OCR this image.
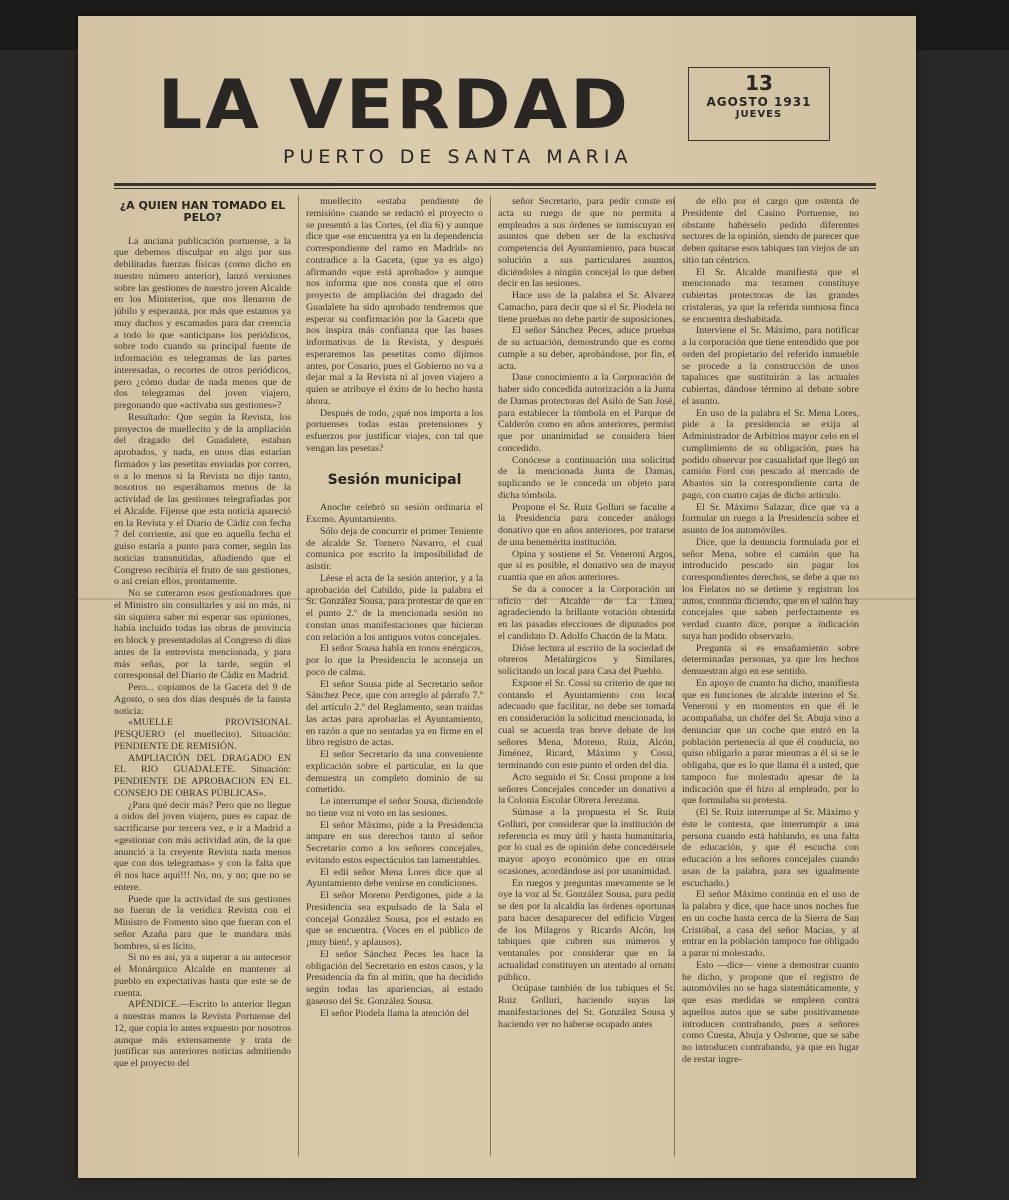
LA VERDAD
PUERTO DE SANTA MARIA
13
AGOSTO 1931
JUEVES
¿A QUIEN HAN TOMADO EL PELO?

La anciana publicación portuense, a la que debemos disculpar en algo por sus debilitadas fuerzas físicas (como dicho en nuestro número anterior), lanzó versiones sobre las gestiones de nuestro joven Alcalde en los Ministerios, que nos llenaron de júbilo y esperanza, por más que estamos ya muy duchos y escamados para dar creencia a todo lo que «anticipan» los periódicos, sobre todo cuando su principal fuente de información es telegramas de las partes interesadas, o recortes de otros periódicos, pero ¿cómo dudar de nada menos que de dos telegramas del joven viajero, pregonando que «activaba sus gestiones»?

Resultado: Que según la Revista, los proyectos de muellecito y de la ampliación del dragado del Guadalete, estaban aprobados, y nada, en unos días estarían firmados y las pesetitas enviadas por correo, o a lo menos si la Revista no dijo tanto, nosotros no esperábamos menos de la actividad de las gestiones telegrafiadas por el Alcalde. Fíjense que esta noticia apareció en la Revista y el Diario de Cádiz con fecha 7 del corriente, así que en aquella fecha el guiso estaría a punto para comer, según las noticias transmitidas, añadiendo que el Congreso recibiría el fruto de sus gestiones, o así creían ellos, prontamente.

No se cuteraron esos gestionadores que el Ministro sin consultarles y así no más, ni sin siquiera saber mi esperar sus opiniones, había incluido todas las obras de provincia en block y presentadolas al Congreso di días antes de la entrevista mencionada, y para más señas, por la tarde, según el corresponsal del Diario de Cádiz en Madrid.

Pero... copiamos de la Gaceta del 9 de Agosto, o sea dos días después de la fausta noticia:

«MUELLE PROVISIONAL PESQUERO (el muellecito). Situación: PENDIENTE DE REMISIÓN.

AMPLIACIÓN DEL DRAGADO EN EL RIO GUADALETE. Situación: PENDIENTE DE APROBACION EN EL CONSEJO DE OBRAS PÚBLICAS».

¿Para qué decir más? Pero que no llegue a oídos del joven viajero, pues es capaz de sacrificarse por tercera vez, e ir a Madrid a «gestionar con más actividad aún, de la que anunció a la creyente Revista nada menos que con dos telegramas» y con la falta que él nos hace aquí!!! No, no, y no; que no se entere.

Puede que la actividad de sus gestiones no fueran de la verídica Revista con el Ministro de Fomento sino que fueran con el señor Azaña para que le mandara más hombres, si es lícito.

Si no es así, ya a superar a su antecesor el Monárquico Alcalde en mantener al pueblo en expectativas hasta que este se de cuenta.

APÉNDICE.—Escrito lo anterior llegan a nuestras manos la Revista Portuense del 12, que copia lo antes expuesto por nosotros aunque más extensamente y trata de justificar sus anteriores noticias admitiendo que el proyecto del

muellecito «estaba pendiente de remisión» cuando se redactó el proyecto o se presentó a las Cortes, (el día 6) y aunque dice que «se encuentra ya en la dependencia correspondiente del ramo en Madrid» no contradice a la Gaceta, (que ya es algo) afirmando «que está aprobado» y aunque nos informa que nos consta que el otro proyecto de ampliación del dragado del Guadalete ha sido aprobado tendremos que esperar su confirmación por la Gaceta que nos inspira más confianza que las bases informativas de la Revista, y después esperaremos las pesetitas como dijimos antes, por Cosario, pues el Gobierno no va a dejar mal a la Revista ni al joven viajero a quien se atribuye el éxito de lo hecho hasta ahora.

Después de todo, ¿qué nos importa a los portuenses todas estas pretensiones y esfuerzos por justificar viajes, con tal que vengan las pesetas?

Sesión municipal

Anoche celebró su sesión ordinaria el Excmo. Ayuntamiento.

Sólo deja de concurrir el primer Teniente de alcalde Sr. Tornero Navarro, el cual comunica por escrito la imposibilidad de asistir.

Léese el acta de la sesión anterior, y a la aprobación del Cabildo, pide la palabra el Sr. González Sousa, para protestar de que en el punto 2.º de la mencionada sesión no constan unas manifestaciones que hicieran con relación a los antiguos votos concejales.

El señor Sousa habla en tonos enérgicos, por lo que la Presidencia le aconseja un poco de calma.

El señor Sousa pide al Secretario señor Sánchez Pece, que con arreglo al párrafo 7.º del artículo 2.º del Reglamento, sean traídas las actas para aprobarlas el Ayuntamiento, en razón a que no sentadas ya en firme en el libro registro de actas.

El señor Secretario da una conveniente explicación sobre el particular, en la que demuestra un completo dominio de su cometido.

Le interrumpe el señor Sousa, diciendole no tiene voz ni voto en las sesiones.

El señor Máximo, pide a la Presidencia ampare en sus derechos tanto al señor Secretario como a los señores concejales, evitando estos espectáculos tan lamentables.

El edil señor Mena Lores dice que al Ayuntamiento debe venirse en condiciones.

El señor Moreno Perdigones, pide a la Presidencia sea expulsado de la Sala el concejal González Sousa, por el estado en que se encuentra. (Voces en el público de ¡muy bien!, y aplausos).

El señor Sánchez Peces les hace la obligación del Secretario en estos casos, y la Presidencia da fin al mitin, que ha decidido según todas las apariencias, al estado gaseoso del Sr. González Sousa.

El señor Piodela llama la atención del

señor Secretario, para pedir conste en acta su ruego de que no permita a empleados a sus órdenes se inmiscuyan en asuntos que deben ser de la exclusiva competencia del Ayuntamiento, para buscar solución a sus particulares asuntos, diciéndoles a ningún concejal lo que deben decir en las sesiones.

Hace uso de la palabra el Sr. Alvarez Camacho, para decir que si el Sr. Piodela no tiene pruebas no debe partir de suposiciones.

El señor Sánchez Peces, aduce pruebas de su actuación, demostrando que es como cumple a su deber, aprobándose, por fin, el acta.

Dase conocimiento a la Corporación de haber sido concedida autorización a la Junta de Damas protectoras del Asilo de San José, para establecer la tómbola en el Parque de Calderón como en años anteriores, permiso que por unanimidad se considera bien concedido.

Conócese a continuación una solicitud de la mencionada Junta de Damas, suplicando se le conceda un objeto para dicha tómbola.

Propone el Sr. Ruiz Golluri se faculte a la Presidencia para conceder análogo donativo que en años anteriores, por tratarse de una benemérita institución.

Opina y sostiene el Sr. Veneroni Argos, que si es posible, el donativo sea de mayor cuantía que en años anteriores.

Se da a conocer a la Corporación un oficio del Alcalde de La Línea, agradeciendo la brillante votación obtenida en las pasadas elecciones de diputados por el candidato D. Adolfo Chacón de la Mata.

Dióse lectura al escrito de la sociedad de obreros Metalúrgicos y Similares, solicitando un local para Casa del Pueblo.

Expone el Sr. Cossi su criterio de que no contando el Ayuntamiento con local adecuado que facilitar, no debe ser tomada en consideración la solicitud mencionada, lo cual se acuerda tras breve debate de los señores Mena, Moreno, Ruiz, Alcón, Jiménez, Ricard, Máximo y Cossi, terminando con este punto el orden del día.

Acto seguido el Sr. Cossi propone a los señores Concejales conceder un donativo a la Colonia Escolar Obrera Jerezana.

Súmase a la propuesta el Sr. Ruiz Golluri, por considerar que la institución de referencia es muy útil y hasta humanitaria, por lo cual es de opinión debe concedérsele mayor apoyo económico que en otras ocasiones, acordándose así por unanimidad.

En ruegos y preguntas nuevamente se le oye la voz al Sr. González Sousa, para pedir se den por la alcaldía las órdenes oportunas para hacer desaparecer del edificio Virgen de los Milagros y Ricardo Alcón, los tabiques que cubren sus números y ventanales por considerar que en la actualidad constituyen un atentado al ornato público.

Ocúpase también de los tabiques el Sr. Ruiz Golluri, haciendo suyas las manifestaciones del Sr. González Sousa y haciendo ver no haberse ocupado antes

de ello por el cargo que ostenta de Presidente del Casino Portuense, no obstante habérselo pedido diferentes sectores de la opinión, siendo de parecer que deben quitarse esos tabiques tan viejos de un sitio tan céntrico.

El Sr. Alcalde manifiesta que el mencionado ma teramen constituye cubiertas protectoras de las grandes cristaleras, ya que la referida suntuosa finca se encuentra deshabitada.

Interviene el Sr. Máximo, para notificar a la corporación que tiene entendido que por orden del propietario del referido inmueble se procede a la construcción de unos tapaluces que sustituirán a las actuales cubiertas, dándose término al debate sobre el asunto.

En uso de la palabra el Sr. Mena Lores, pide a la presidencia se exija al Administrador de Arbitrios mayor celo en el cumplimiento de su obligación, pues ha podido observar por casualidad que llegó un camión Ford con pescado al mercado de Abastos sin la correspondiente carta de pago, con cuatro cajas de dicho artículo.

El Sr. Máximo Salazar, dice que va a formular un ruego a la Presidencia sobre el asunto de los automóviles.

Dice, que la denuncia formulada por el señor Mena, sobre el camión que ha introducido pescado sin pagar los correspondientes derechos, se debe a que no los Fielatos no se detiene y registran los autos, continúa diciendo, que en el salón hay concejales que saben perfectamente es verdad cuanto dice, porque a indicación suya han podido observarlo.

Pregunta si es ensañamiento sobre determinadas personas, ya que los hechos demuestran algo en ese sentido.

En apoyo de cuanto ha dicho, manifiesta que en funciones de alcalde interino el Sr. Veneroni y en momentos en que él le acompañaba, un chófer del Sr. Abuja vino a denunciar que un coche que entró en la población pertenecía al que él conducía, no quiso obligarlo a parar mientras a él si se le obligaba, que es lo que llama él a usted, que tampoco fue molestado apesar de la indicación que él hizo al empleado, por lo que formulaba su protesta.

(El Sr. Ruiz interrumpe al Sr. Máximo y éste le contesta, que interrumpir a una persona cuando está hablando, es una falta de educación, y que él escucha con educación a los señores concejales cuando usan de la palabra, para ser igualmente escuchado.)

El señor Máximo continúa en el uso de la palabra y dice, que hace unos noches fue en un coche hasta cerca de la Sierra de San Cristóbal, a casa del señor Macías, y al entrar en la población tampoco fue obligado a parar ni molestado.

Esto —dice— viene a demostrar cuanto he dicho, y propone que el registro de automóviles no se haga sistemáticamente, y que esas medidas se empleen contra aquellos autos que se sabe positivamente introducen contrabando, pues a señores como Cuesta, Abuja y Osborne, que se sabe no introducen contrabando, ya que en lugar de restar ingre-
